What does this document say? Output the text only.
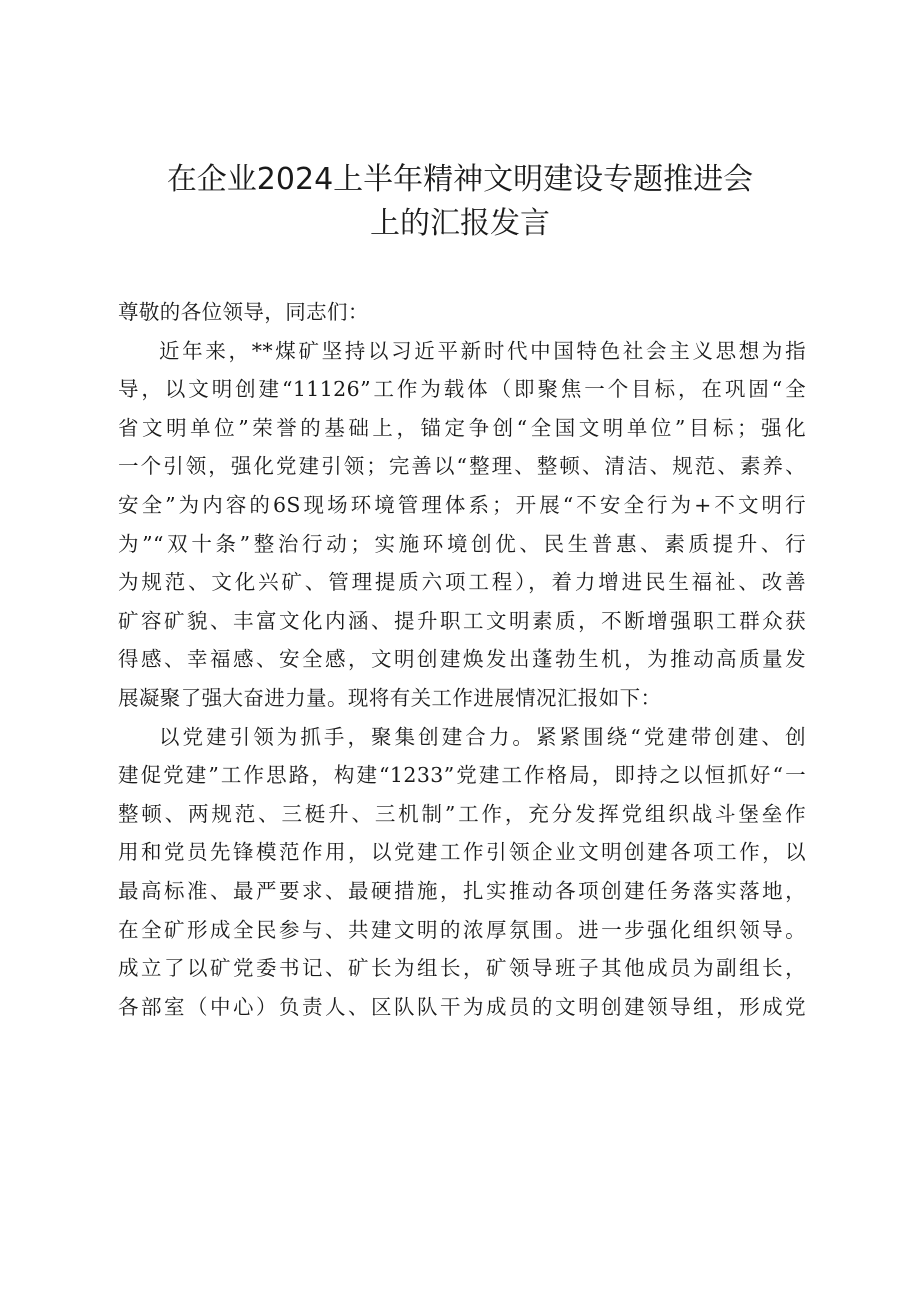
在企业2024上半年精神文明建设专题推进会
上的汇报发言
尊敬的各位领导，同志们：
近年来，**煤矿坚持以习近平新时代中国特色社会主义思想为指
导，以文明创建“11126”工作为载体（即聚焦一个目标，在巩固“全
省文明单位”荣誉的基础上，锚定争创“全国文明单位”目标；强化
一个引领，强化党建引领；完善以“整理、整顿、清洁、规范、素养、
安全”为内容的6S现场环境管理体系；开展“不安全行为+不文明行
为”“双十条”整治行动；实施环境创优、民生普惠、素质提升、行
为规范、文化兴矿、管理提质六项工程），着力增进民生福祉、改善
矿容矿貌、丰富文化内涵、提升职工文明素质，不断增强职工群众获
得感、幸福感、安全感，文明创建焕发出蓬勃生机，为推动高质量发
展凝聚了强大奋进力量。现将有关工作进展情况汇报如下：
以党建引领为抓手，聚集创建合力。紧紧围绕“党建带创建、创
建促党建”工作思路，构建“1233”党建工作格局，即持之以恒抓好“一
整顿、两规范、三梃升、三机制”工作，充分发挥党组织战斗堡垒作
用和党员先锋模范作用，以党建工作引领企业文明创建各项工作，以
最高标准、最严要求、最硬措施，扎实推动各项创建任务落实落地，
在全矿形成全民参与、共建文明的浓厚氛围。进一步强化组织领导。
成立了以矿党委书记、矿长为组长，矿领导班子其他成员为副组长，
各部室（中心）负责人、区队队干为成员的文明创建领导组，形成党
